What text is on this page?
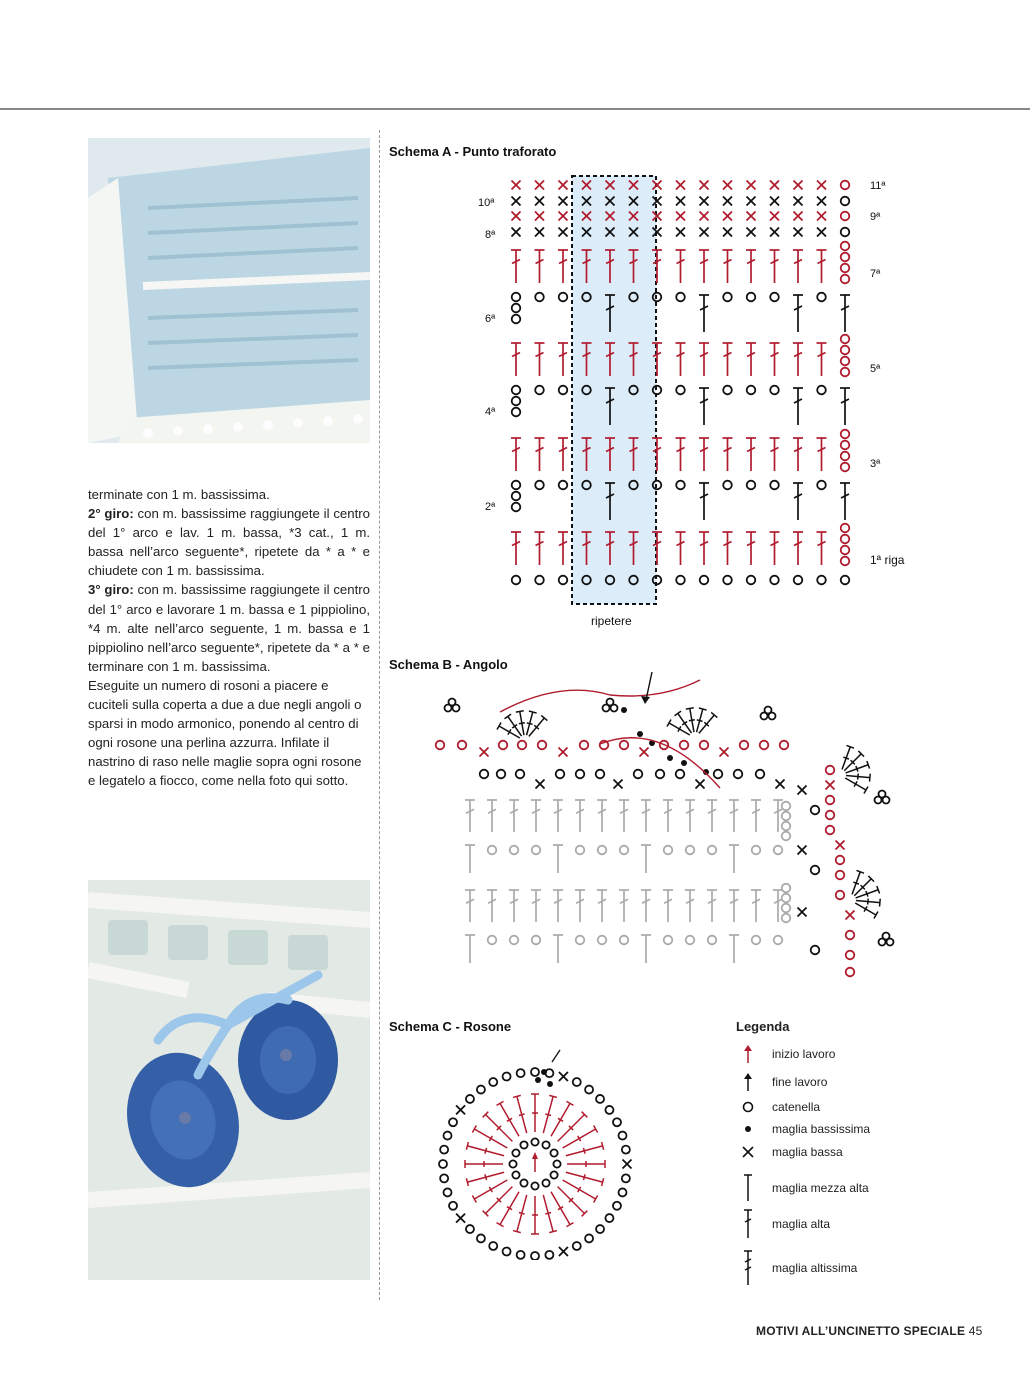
terminate con 1 m. bassissima.

2° giro: con m. bassissime raggiungete il centro del 1° arco e lav. 1 m. bassa, *3 cat., 1 m. bassa nell’arco seguente*, ripetete da * a * e chiudete con 1 m. bassissima.

3° giro: con m. bassissime raggiungete il centro del 1° arco e lavorare 1 m. bassa e 1 pippiolino, *4 m. alte nell’arco seguente, 1 m. bassa e 1 pippiolino nell’arco seguente*, ripetete da * a * e terminare con 1 m. bassissima.

Eseguite un numero di rosoni a piacere e cuciteli sulla coperta a due a due negli angoli o sparsi in modo armonico, ponendo al centro di ogni rosone una perlina azzurra. Infilate il nastrino di raso nelle maglie sopra ogni rosone e legatelo a fiocco, come nella foto qui sotto.

Schema A - Punto traforato
10ª
8ª
6ª
4ª
2ª
11ª
9ª
7ª
5ª
3ª
1ª riga
ripetere
Schema B - Angolo
Schema C - Rosone	Legenda
inizio lavoro
fine lavoro
catenella
maglia bassissima
maglia bassa
maglia mezza alta
maglia alta
maglia altissima
MOTIVI ALL’UNCINETTO SPECIALE 45
